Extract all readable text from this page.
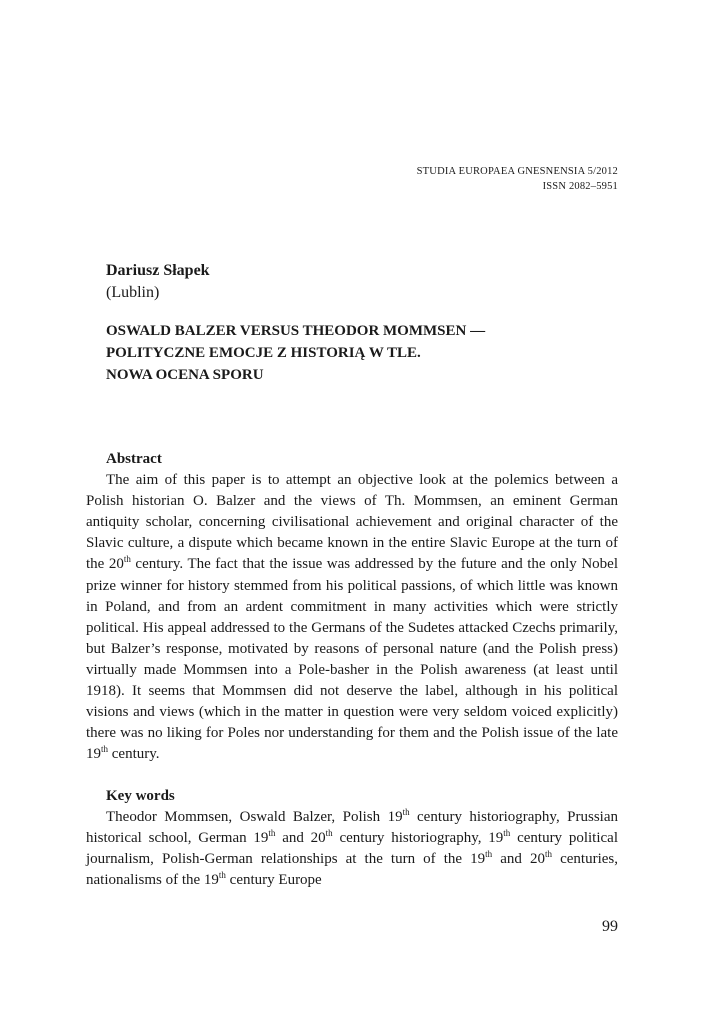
STUDIA EUROPAEA GNESNENSIA 5/2012
ISSN 2082–5951
Dariusz Słapek
(Lublin)
OSWALD BALZER VERSUS THEODOR MOMMSEN —
POLITYCZNE EMOCJE Z HISTORIĄ W TLE.
NOWA OCENA SPORU
Abstract

The aim of this paper is to attempt an objective look at the polemics between a Polish historian O. Balzer and the views of Th. Mommsen, an eminent German antiquity scholar, concerning civilisational achievement and original character of the Slavic culture, a dispute which became known in the entire Slavic Europe at the turn of the 20th century. The fact that the issue was addressed by the future and the only Nobel prize winner for history stemmed from his political passions, of which little was known in Poland, and from an ardent commitment in many activities which were strictly political. His appeal addressed to the Germans of the Sudetes attacked Czechs primarily, but Balzer’s response, motivated by reasons of personal nature (and the Polish press) virtually made Mommsen into a Pole-basher in the Polish awareness (at least until 1918). It seems that Mommsen did not deserve the label, although in his political visions and views (which in the matter in question were very seldom voiced explicitly) there was no liking for Poles nor understanding for them and the Polish issue of the late 19th century.

Key words

Theodor Mommsen, Oswald Balzer, Polish 19th century historiography, Prussian historical school, German 19th and 20th century historiography, 19th century political journalism, Polish-German relationships at the turn of the 19th and 20th centuries, nationalisms of the 19th century Europe

99
